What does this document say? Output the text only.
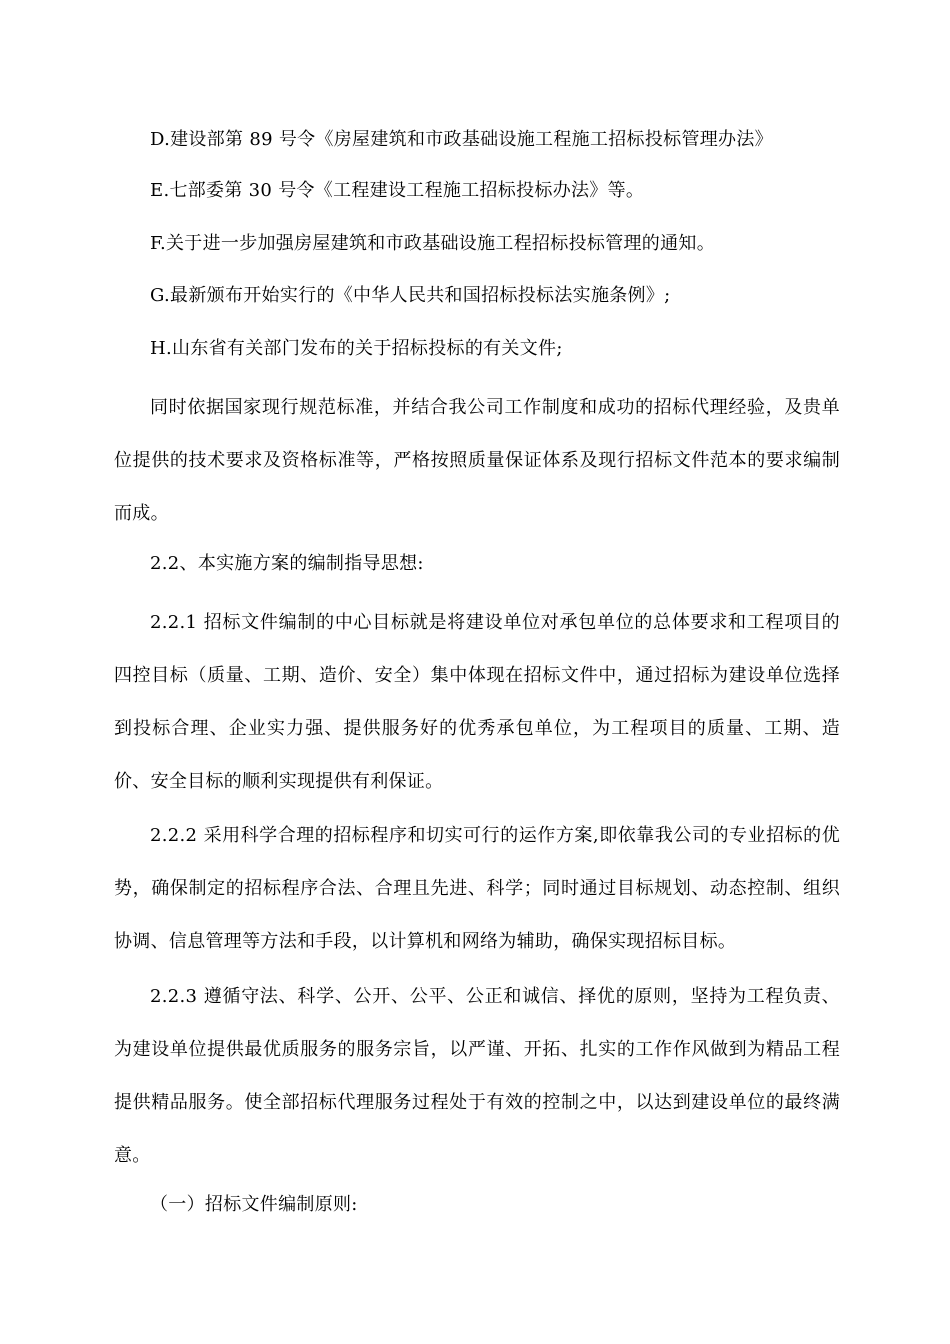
D.建设部第 89 号令《房屋建筑和市政基础设施工程施工招标投标管理办法》

E.七部委第 30 号令《工程建设工程施工招标投标办法》等。

F.关于进一步加强房屋建筑和市政基础设施工程招标投标管理的通知。

G.最新颁布开始实行的《中华人民共和国招标投标法实施条例》;

H.山东省有关部门发布的关于招标投标的有关文件;

同时依据国家现行规范标准，并结合我公司工作制度和成功的招标代理经验，及贵单位提供的技术要求及资格标准等，严格按照质量保证体系及现行招标文件范本的要求编制而成。

2.2、本实施方案的编制指导思想:

2.2.1 招标文件编制的中心目标就是将建设单位对承包单位的总体要求和工程项目的四控目标（质量、工期、造价、安全）集中体现在招标文件中，通过招标为建设单位选择到投标合理、企业实力强、提供服务好的优秀承包单位，为工程项目的质量、工期、造价、安全目标的顺利实现提供有利保证。

2.2.2 采用科学合理的招标程序和切实可行的运作方案,即依靠我公司的专业招标的优势，确保制定的招标程序合法、合理且先进、科学；同时通过目标规划、动态控制、组织协调、信息管理等方法和手段，以计算机和网络为辅助，确保实现招标目标。

2.2.3 遵循守法、科学、公开、公平、公正和诚信、择优的原则，坚持为工程负责、为建设单位提供最优质服务的服务宗旨，以严谨、开拓、扎实的工作作风做到为精品工程提供精品服务。使全部招标代理服务过程处于有效的控制之中，以达到建设单位的最终满意。

（一）招标文件编制原则:
